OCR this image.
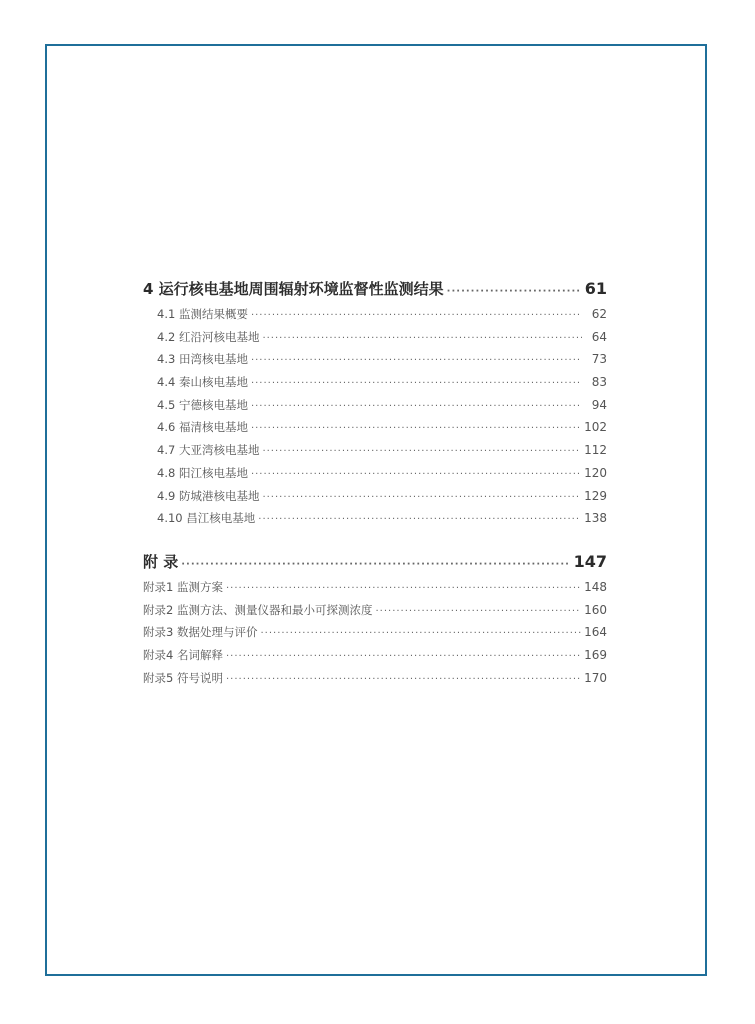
4 运行核电基地周围辐射环境监督性监测结果 ·····	61
4.1 监测结果概要 ·····	62
4.2 红沿河核电基地 ·····	64
4.3 田湾核电基地 ·····	73
4.4 秦山核电基地 ·····	83
4.5 宁德核电基地 ·····	94
4.6 福清核电基地 ·····	102
4.7 大亚湾核电基地 ·····	112
4.8 阳江核电基地 ·····	120
4.9 防城港核电基地 ·····	129
4.10 昌江核电基地 ·····	138
附 录 ·····	147
附录1 监测方案 ·····	148
附录2 监测方法、测量仪器和最小可探测浓度 ·····	160
附录3 数据处理与评价 ·····	164
附录4 名词解释 ·····	169
附录5 符号说明 ·····	170
